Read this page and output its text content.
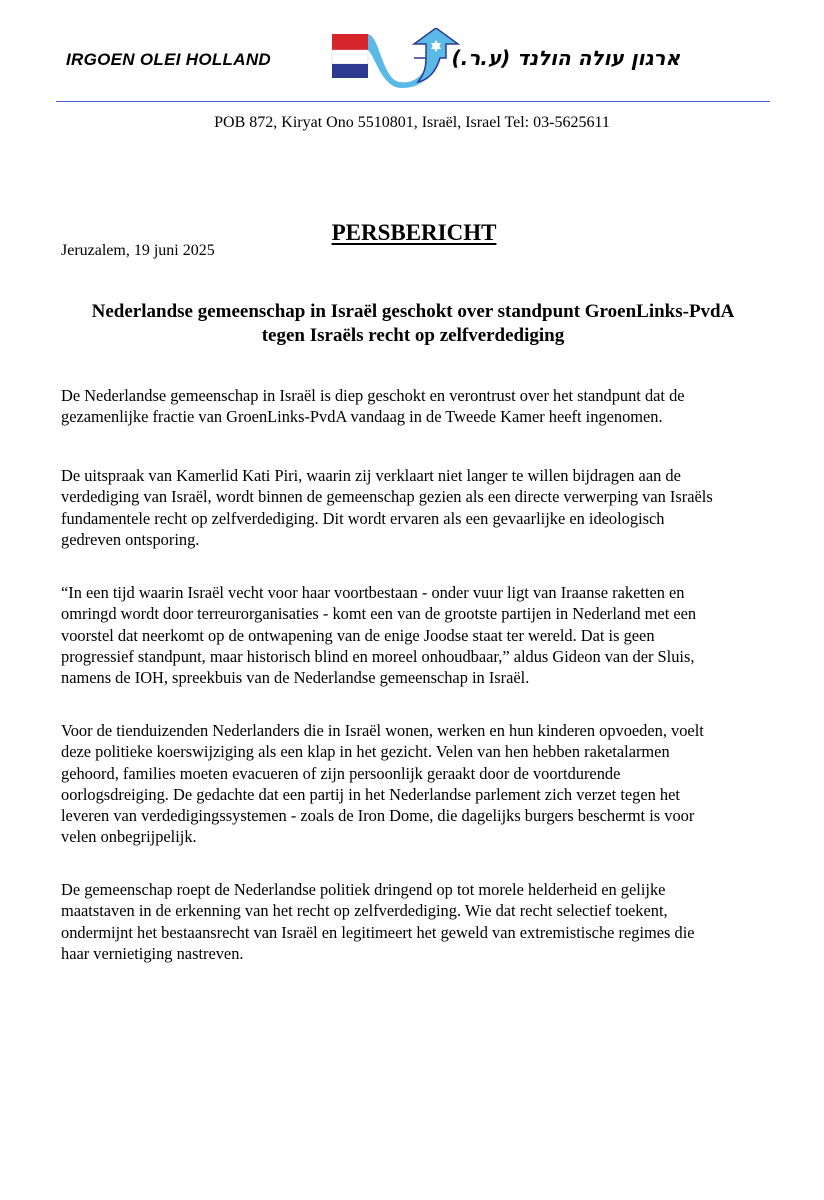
IRGOEN OLEI HOLLAND	ארגון עולה הולנד (ע.ר.)
POB 872, Kiryat Ono 5510801, Israël, Israel Tel: 03-5625611
PERSBERICHT
Jeruzalem, 19 juni 2025
Nederlandse gemeenschap in Israël geschokt over standpunt GroenLinks-PvdA
tegen Israëls recht op zelfverdediging

De Nederlandse gemeenschap in Israël is diep geschokt en verontrust over het standpunt dat de
gezamenlijke fractie van GroenLinks-PvdA vandaag in de Tweede Kamer heeft ingenomen.

De uitspraak van Kamerlid Kati Piri, waarin zij verklaart niet langer te willen bijdragen aan de
verdediging van Israël, wordt binnen de gemeenschap gezien als een directe verwerping van Israëls
fundamentele recht op zelfverdediging. Dit wordt ervaren als een gevaarlijke en ideologisch
gedreven ontsporing.

“In een tijd waarin Israël vecht voor haar voortbestaan - onder vuur ligt van Iraanse raketten en
omringd wordt door terreurorganisaties - komt een van de grootste partijen in Nederland met een
voorstel dat neerkomt op de ontwapening van de enige Joodse staat ter wereld. Dat is geen
progressief standpunt, maar historisch blind en moreel onhoudbaar,” aldus Gideon van der Sluis,
namens de IOH, spreekbuis van de Nederlandse gemeenschap in Israël.

Voor de tienduizenden Nederlanders die in Israël wonen, werken en hun kinderen opvoeden, voelt
deze politieke koerswijziging als een klap in het gezicht. Velen van hen hebben raketalarmen
gehoord, families moeten evacueren of zijn persoonlijk geraakt door de voortdurende
oorlogsdreiging. De gedachte dat een partij in het Nederlandse parlement zich verzet tegen het
leveren van verdedigingssystemen - zoals de Iron Dome, die dagelijks burgers beschermt is voor
velen onbegrijpelijk.

De gemeenschap roept de Nederlandse politiek dringend op tot morele helderheid en gelijke
maatstaven in de erkenning van het recht op zelfverdediging. Wie dat recht selectief toekent,
ondermijnt het bestaansrecht van Israël en legitimeert het geweld van extremistische regimes die
haar vernietiging nastreven.
